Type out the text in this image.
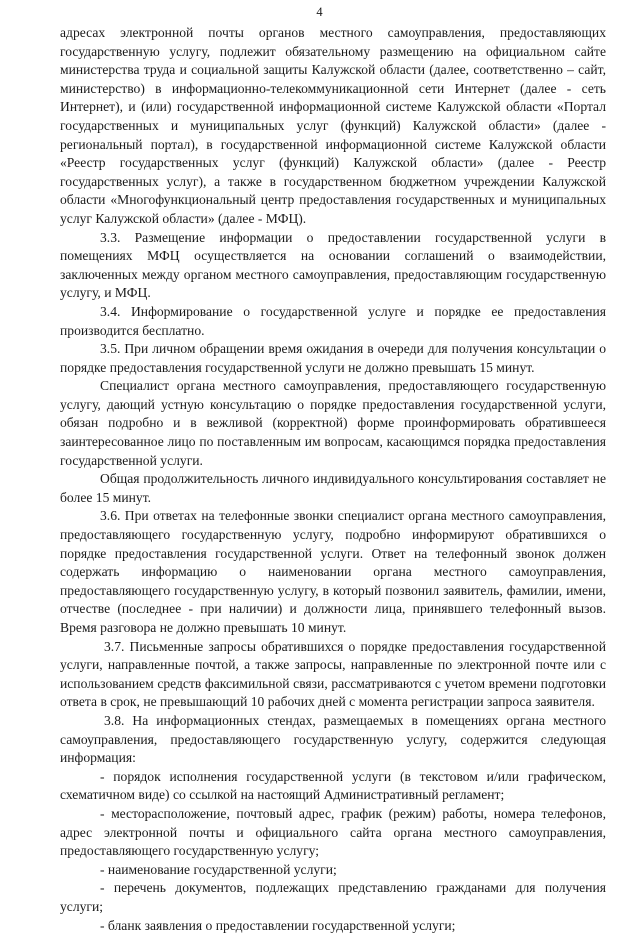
4

адресах электронной почты органов местного самоуправления, предоставляющих государственную услугу, подлежит обязательному размещению на официальном сайте министерства труда и социальной защиты Калужской области (далее, соответственно – сайт, министерство) в информационно-телекоммуникационной сети Интернет (далее - сеть Интернет), и (или) государственной информационной системе Калужской области «Портал государственных и муниципальных услуг (функций) Калужской области» (далее - региональный портал), в государственной информационной системе Калужской области «Реестр государственных услуг (функций) Калужской области» (далее - Реестр государственных услуг), а также в государственном бюджетном учреждении Калужской области «Многофункциональный центр предоставления государственных и муниципальных услуг Калужской области» (далее - МФЦ).

3.3. Размещение информации о предоставлении государственной услуги в помещениях МФЦ осуществляется на основании соглашений о взаимодействии, заключенных между органом местного самоуправления, предоставляющим государственную услугу, и МФЦ.

3.4. Информирование о государственной услуге и порядке ее предоставления производится бесплатно.

3.5. При личном обращении время ожидания в очереди для получения консультации о порядке предоставления государственной услуги не должно превышать 15 минут.

Специалист органа местного самоуправления, предоставляющего государственную услугу, дающий устную консультацию о порядке предоставления государственной услуги, обязан подробно и в вежливой (корректной) форме проинформировать обратившееся заинтересованное лицо по поставленным им вопросам, касающимся порядка предоставления государственной услуги.

Общая продолжительность личного индивидуального консультирования составляет не более 15 минут.

3.6. При ответах на телефонные звонки специалист органа местного самоуправления, предоставляющего государственную услугу, подробно информируют обратившихся о порядке предоставления государственной услуги. Ответ на телефонный звонок должен содержать информацию о наименовании органа местного самоуправления, предоставляющего государственную услугу, в который позвонил заявитель, фамилии, имени, отчестве (последнее - при наличии) и должности лица, принявшего телефонный вызов. Время разговора не должно превышать 10 минут.

3.7. Письменные запросы обратившихся о порядке предоставления государственной услуги, направленные почтой, а также запросы, направленные по электронной почте или с использованием средств факсимильной связи, рассматриваются с учетом времени подготовки ответа в срок, не превышающий 10 рабочих дней с момента регистрации запроса заявителя.

3.8. На информационных стендах, размещаемых в помещениях органа местного самоуправления, предоставляющего государственную услугу, содержится следующая информация:

- порядок исполнения государственной услуги (в текстовом и/или графическом, схематичном виде) со ссылкой на настоящий Административный регламент;

- месторасположение, почтовый адрес, график (режим) работы, номера телефонов, адрес электронной почты и официального сайта органа местного самоуправления, предоставляющего государственную услугу;

- наименование государственной услуги;

- перечень документов, подлежащих представлению гражданами для получения услуги;

- бланк заявления о предоставлении государственной услуги;
